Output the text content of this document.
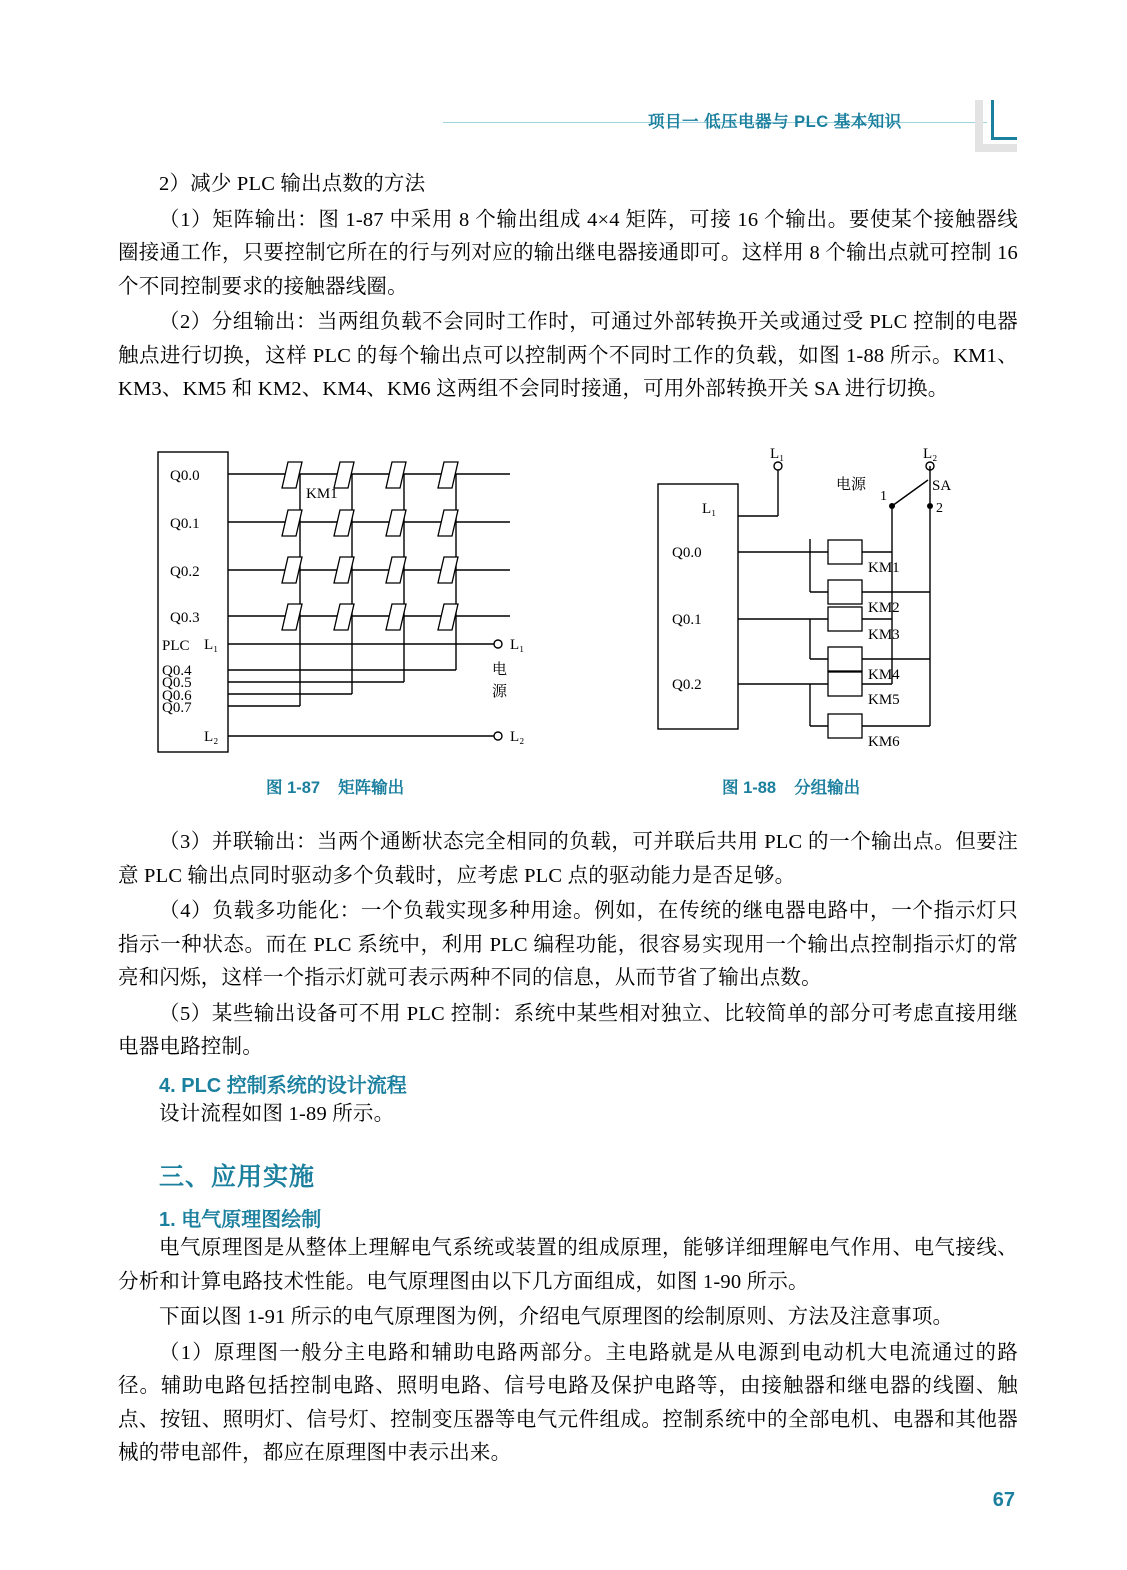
项目一 低压电器与 PLC 基本知识

2）减少 PLC 输出点数的方法

（1）矩阵输出：图 1-87 中采用 8 个输出组成 4×4 矩阵，可接 16 个输出。要使某个接触器线圈接通工作，只要控制它所在的行与列对应的输出继电器接通即可。这样用 8 个输出点就可控制 16 个不同控制要求的接触器线圈。

（2）分组输出：当两组负载不会同时工作时，可通过外部转换开关或通过受 PLC 控制的电器触点进行切换，这样 PLC 的每个输出点可以控制两个不同时工作的负载，如图 1-88 所示。KM1、KM3、KM5 和 KM2、KM4、KM6 这两组不会同时接通，可用外部转换开关 SA 进行切换。

Q0.0
Q0.1
Q0.2
Q0.3
PLC L₁
Q0.4
Q0.5
Q0.6
Q0.7
L₂
L₁
L₂
KM1
电
源
图 1-87 矩阵输出
L₁	L₂
电源	SA
1
2
L₁
Q0.0
Q0.1
Q0.2
KM1
KM2
KM3
KM4
KM5
KM6
图 1-88 分组输出

（3）并联输出：当两个通断状态完全相同的负载，可并联后共用 PLC 的一个输出点。但要注意 PLC 输出点同时驱动多个负载时，应考虑 PLC 点的驱动能力是否足够。

（4）负载多功能化：一个负载实现多种用途。例如，在传统的继电器电路中，一个指示灯只指示一种状态。而在 PLC 系统中，利用 PLC 编程功能，很容易实现用一个输出点控制指示灯的常亮和闪烁，这样一个指示灯就可表示两种不同的信息，从而节省了输出点数。

（5）某些输出设备可不用 PLC 控制：系统中某些相对独立、比较简单的部分可考虑直接用继电器电路控制。

4. PLC 控制系统的设计流程

设计流程如图 1-89 所示。

三、应用实施

1. 电气原理图绘制

电气原理图是从整体上理解电气系统或装置的组成原理，能够详细理解电气作用、电气接线、分析和计算电路技术性能。电气原理图由以下几方面组成，如图 1-90 所示。

下面以图 1-91 所示的电气原理图为例，介绍电气原理图的绘制原则、方法及注意事项。

（1）原理图一般分主电路和辅助电路两部分。主电路就是从电源到电动机大电流通过的路径。辅助电路包括控制电路、照明电路、信号电路及保护电路等，由接触器和继电器的线圈、触点、按钮、照明灯、信号灯、控制变压器等电气元件组成。控制系统中的全部电机、电器和其他器械的带电部件，都应在原理图中表示出来。

67
